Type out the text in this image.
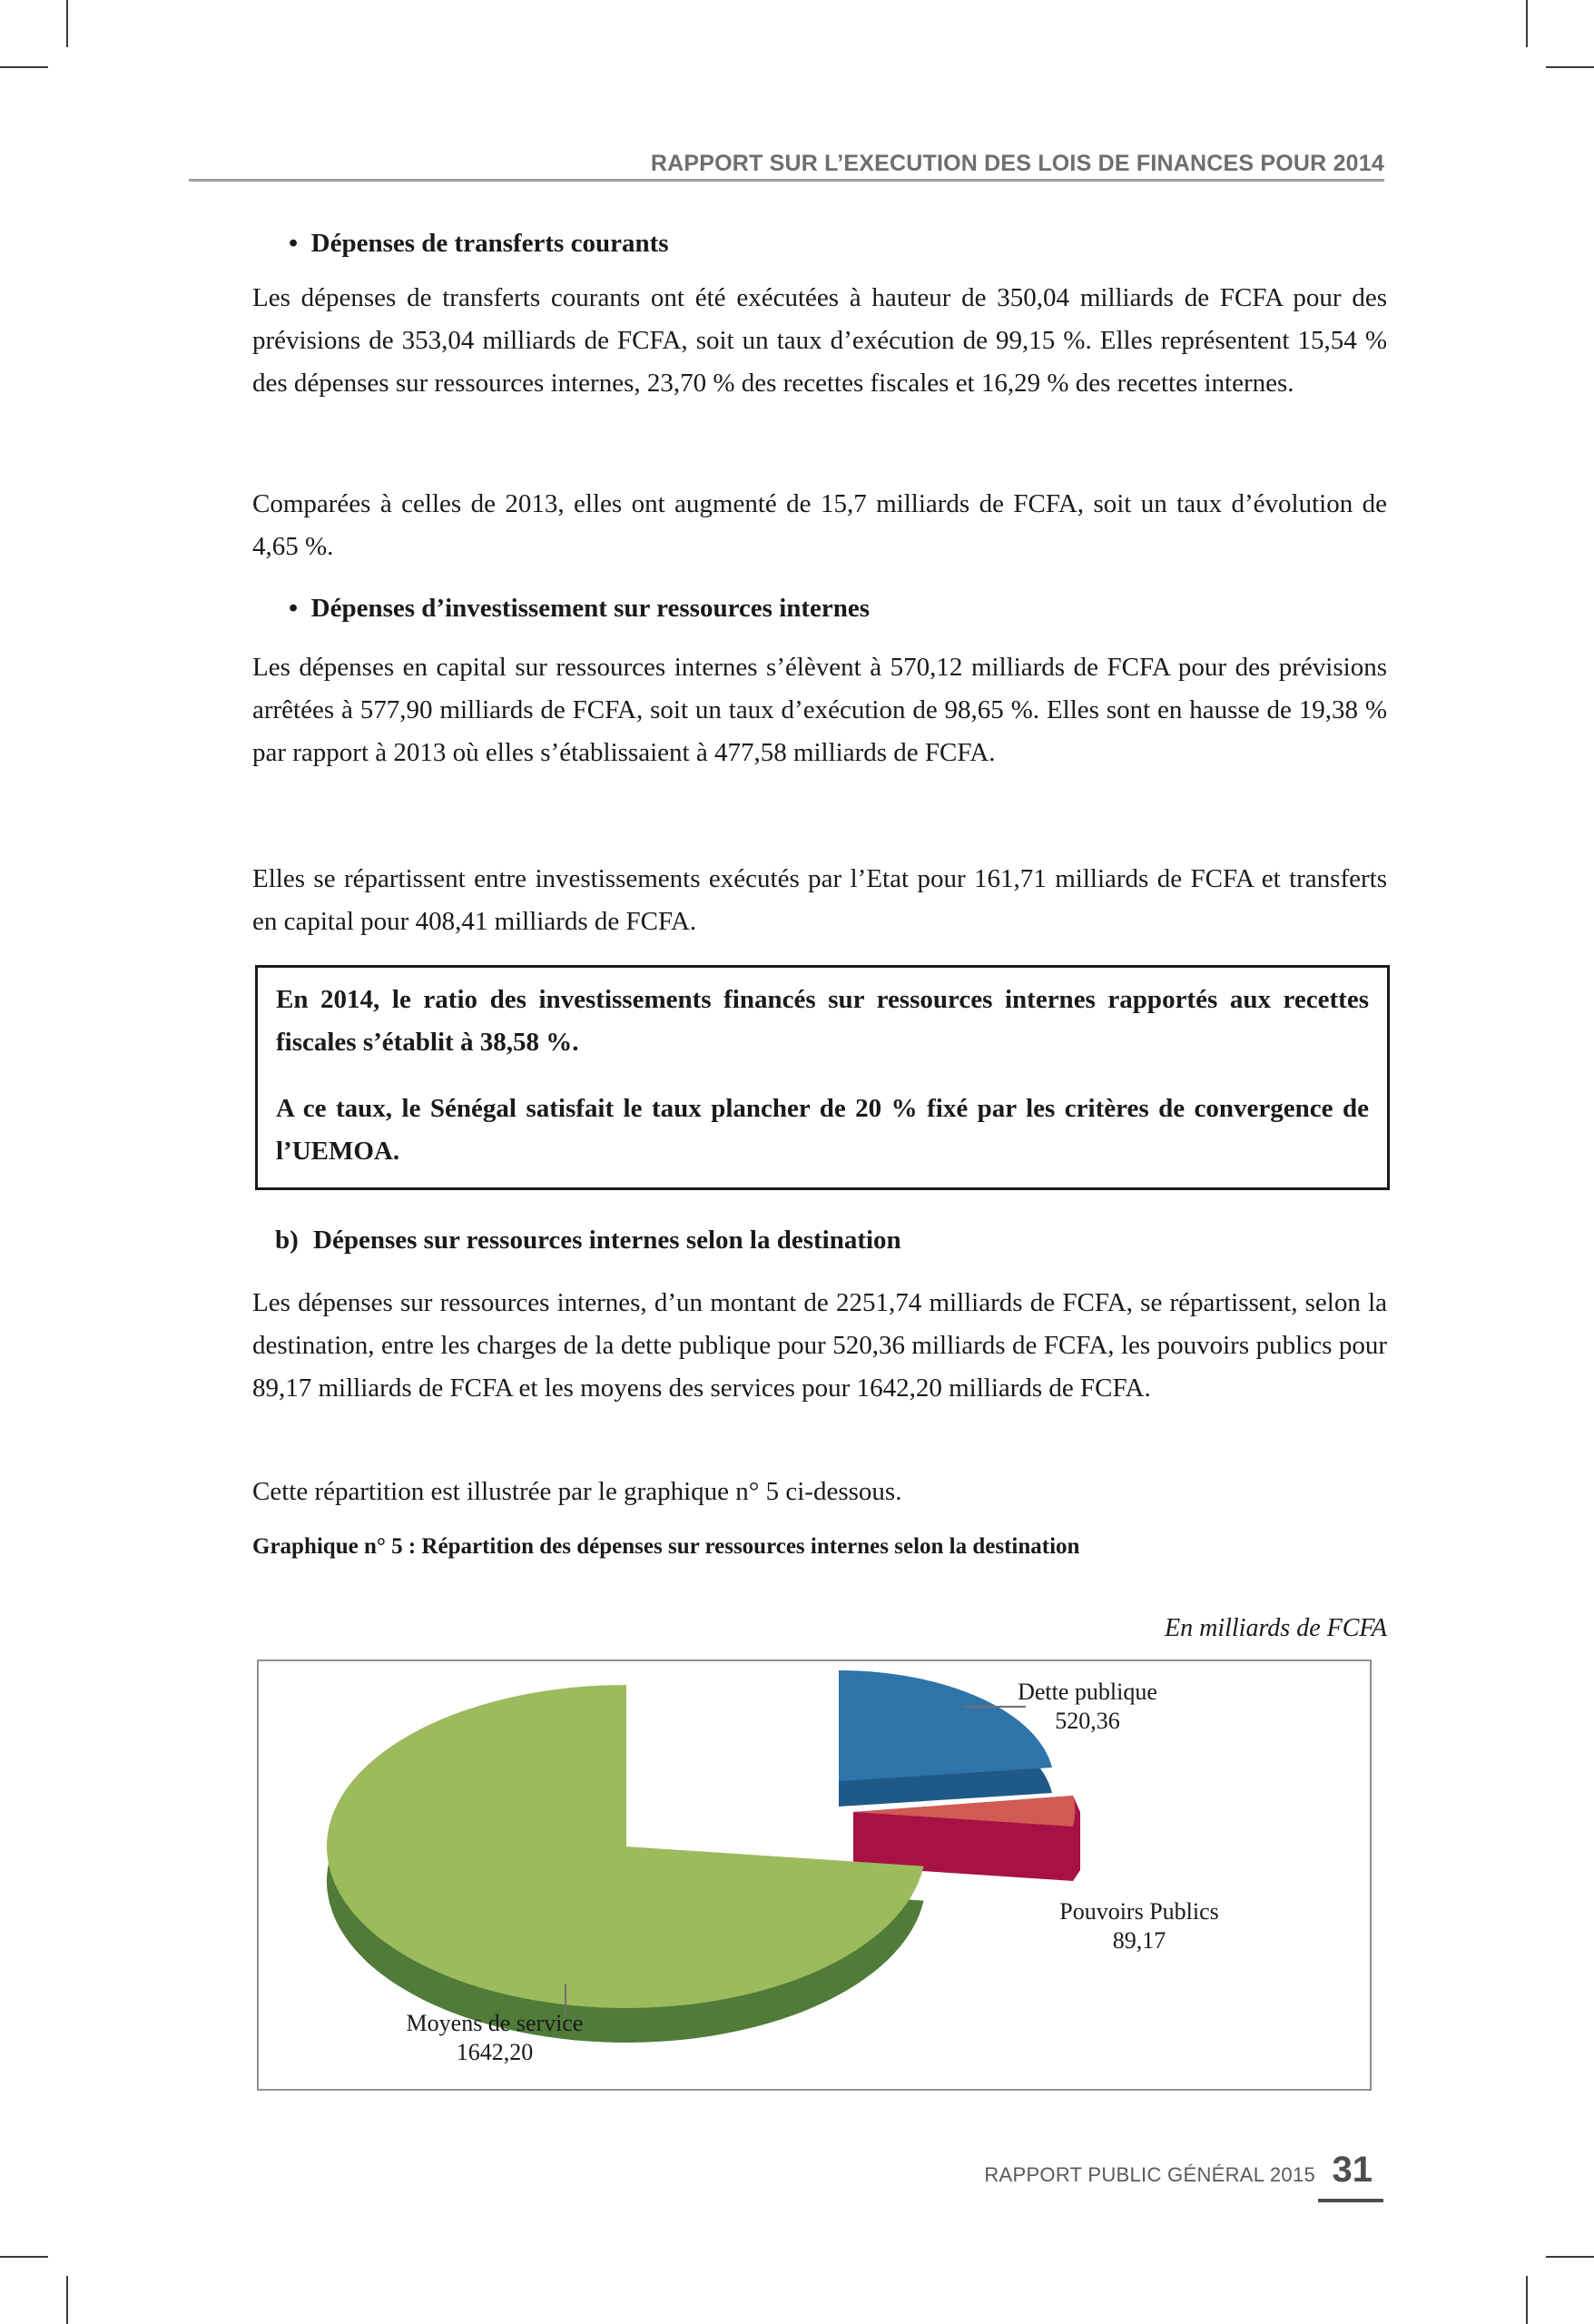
RAPPORT SUR L’EXECUTION DES LOIS DE FINANCES POUR 2014
• Dépenses de transferts courants
Les dépenses de transferts courants ont été exécutées à hauteur de 350,04 milliards de FCFA pour des prévisions de 353,04 milliards de FCFA, soit un taux d’exécution de 99,15 %. Elles représentent 15,54 % des dépenses sur ressources internes, 23,70 % des recettes fiscales et 16,29 % des recettes internes.
Comparées à celles de 2013, elles ont augmenté de 15,7 milliards de FCFA, soit un taux d’évolution de 4,65 %.
• Dépenses d’investissement sur ressources internes
Les dépenses en capital sur ressources internes s’élèvent à 570,12 milliards de FCFA pour des prévisions arrêtées à 577,90 milliards de FCFA, soit un taux d’exécution de 98,65 %. Elles sont en hausse de 19,38 % par rapport à 2013 où elles s’établissaient à 477,58 milliards de FCFA.
Elles se répartissent entre investissements exécutés par l’Etat pour 161,71 milliards de FCFA et transferts en capital pour 408,41 milliards de FCFA.

En 2014, le ratio des investissements financés sur ressources internes rapportés aux recettes fiscales s’établit à 38,58 %.

A ce taux, le Sénégal satisfait le taux plancher de 20 % fixé par les critères de convergence de l’UEMOA.

b) Dépenses sur ressources internes selon la destination
Les dépenses sur ressources internes, d’un montant de 2251,74 milliards de FCFA, se répartissent, selon la destination, entre les charges de la dette publique pour 520,36 milliards de FCFA, les pouvoirs publics pour 89,17 milliards de FCFA et les moyens des services pour 1642,20 milliards de FCFA.
Cette répartition est illustrée par le graphique n° 5 ci-dessous.
Graphique n° 5 : Répartition des dépenses sur ressources internes selon la destination
En milliards de FCFA
Dette publique
520,36
Pouvoirs Publics
89,17
Moyens de service
1642,20
RAPPORT PUBLIC GÉNÉRAL 2015 31
